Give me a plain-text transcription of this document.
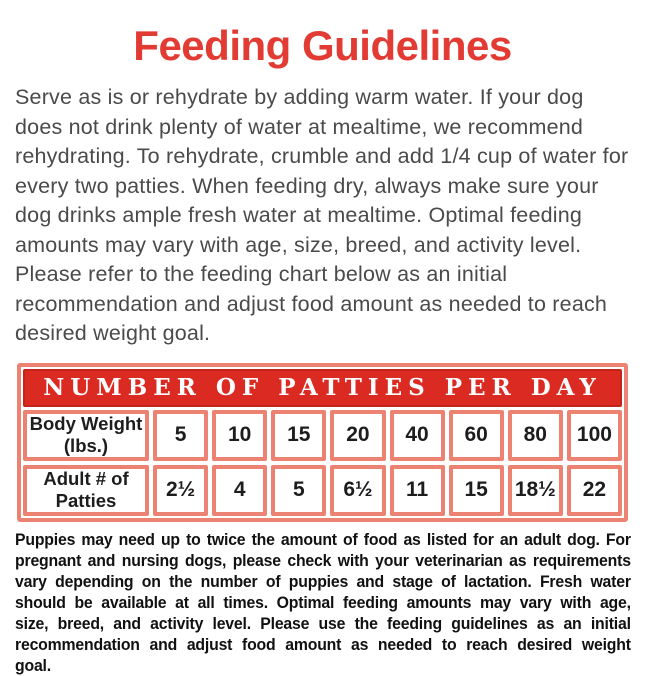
Feeding Guidelines

Serve as is or rehydrate by adding warm water. If your dog does not drink plenty of water at mealtime, we recommend rehydrating. To rehydrate, crumble and add 1/4 cup of water for every two patties. When feeding dry, always make sure your dog drinks ample fresh water at mealtime. Optimal feeding amounts may vary with age, size, breed, and activity level. Please refer to the feeding chart below as an initial recommendation and adjust food amount as needed to reach desired weight goal.

NUMBER OF PATTIES PER DAY
Body Weight
(lbs.)	5	10	15	20	40	60	80	100
Adult # of
Patties	2½	4	5	6½	11	15	18½	22
Puppies may need up to twice the amount of food as listed for an adult dog. For pregnant and nursing dogs, please check with your veterinarian as requirements vary depending on the number of puppies and stage of lactation. Fresh water should be available at all times. Optimal feeding amounts may vary with age, size, breed, and activity level. Please use the feeding guidelines as an initial recommendation and adjust food amount as needed to reach desired weight goal.
